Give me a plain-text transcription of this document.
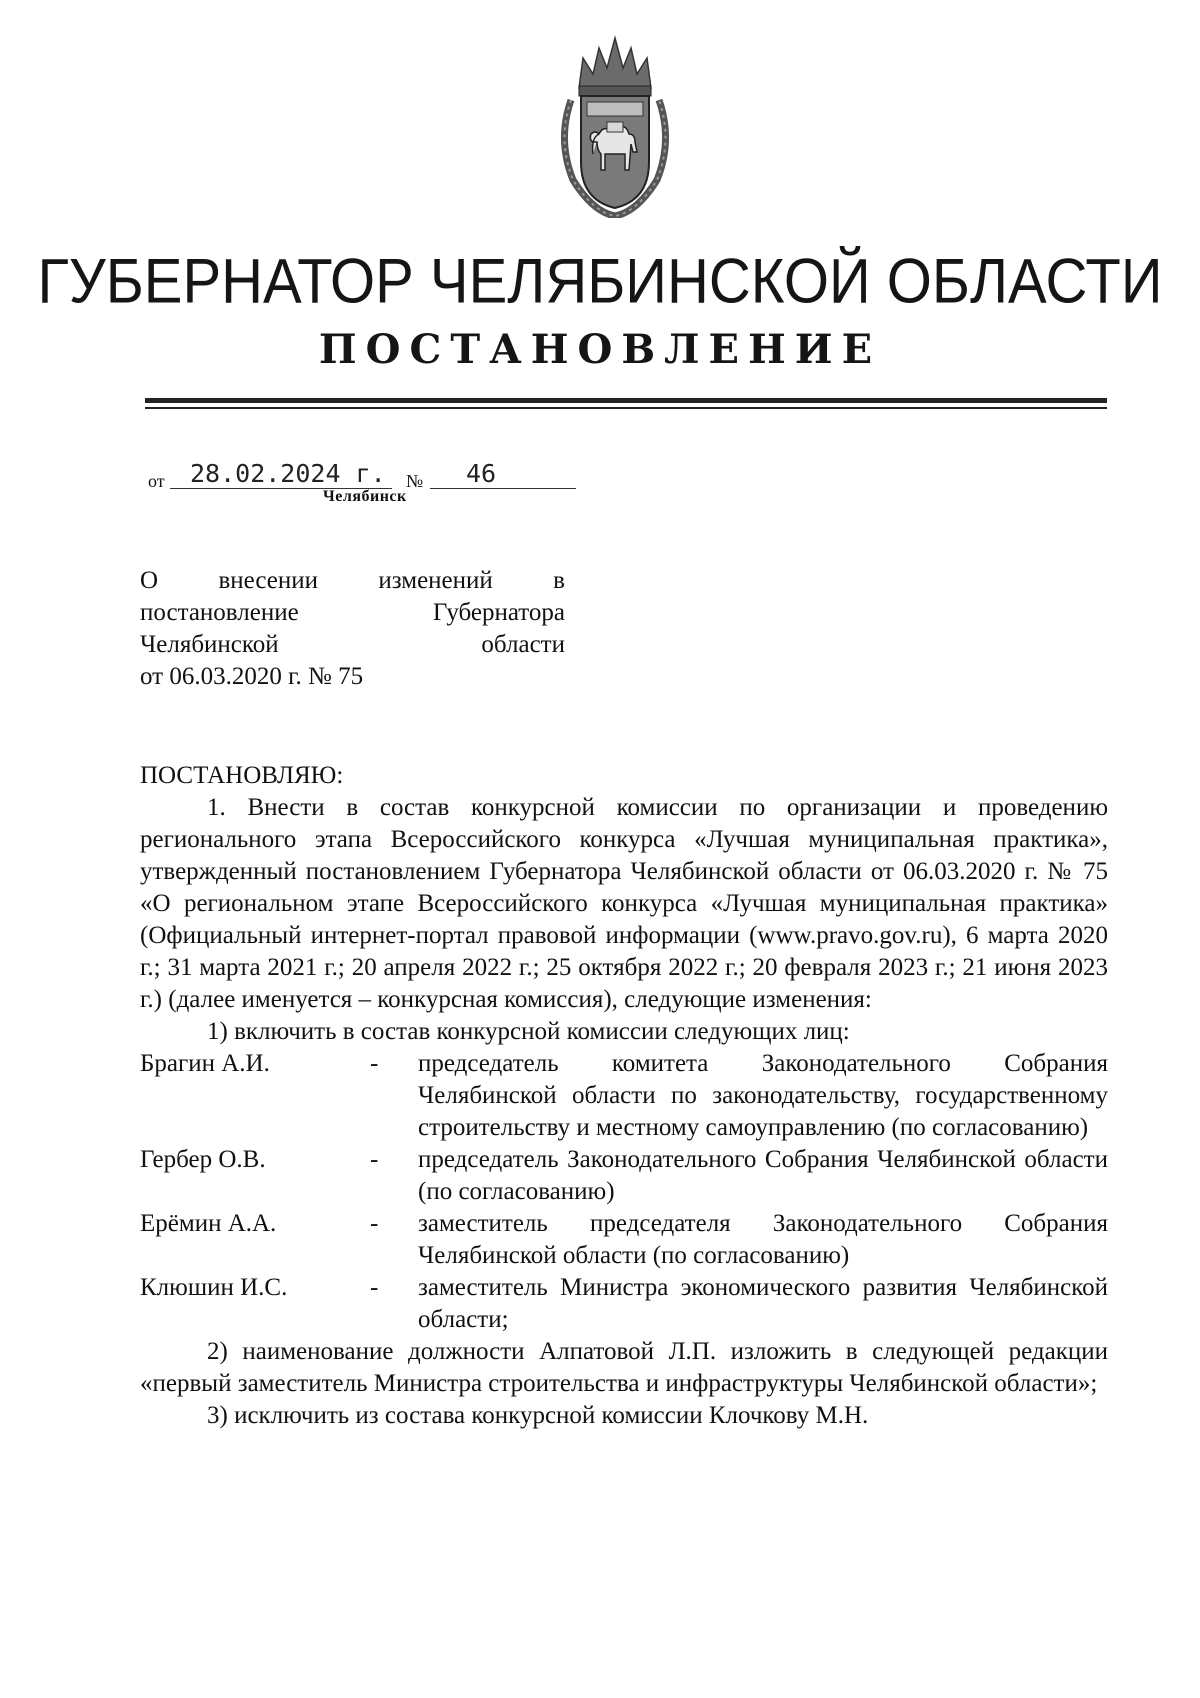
ГУБЕРНАТОР ЧЕЛЯБИНСКОЙ ОБЛАСТИ
ПОСТАНОВЛЕНИЕ
от 28.02.2024 г. № 46
Челябинск
О внесении изменений в
постановление	Губернатора
Челябинской	области
от 06.03.2020 г. № 75
ПОСТАНОВЛЯЮ:
1. Внести в состав конкурсной комиссии по организации и проведению регионального этапа Всероссийского конкурса «Лучшая муниципальная практика», утвержденный постановлением Губернатора Челябинской области от 06.03.2020 г. № 75 «О региональном этапе Всероссийского конкурса «Лучшая муниципальная практика» (Официальный интернет-портал правовой информации (www.pravo.gov.ru), 6 марта 2020 г.; 31 марта 2021 г.; 20 апреля 2022 г.; 25 октября 2022 г.; 20 февраля 2023 г.; 21 июня 2023 г.) (далее именуется – конкурсная комиссия), следующие изменения:
1) включить в состав конкурсной комиссии следующих лиц:
Брагин А.И.	-	председатель комитета Законодательного Собрания Челябинской области по законодательству, государственному строительству и местному самоуправлению (по согласованию)
Гербер О.В.	-	председатель Законодательного Собрания Челябинской области (по согласованию)
Ерёмин А.А.	-	заместитель председателя Законодательного Собрания Челябинской области (по согласованию)
Клюшин И.С.	-	заместитель Министра экономического развития Челябинской области;
2) наименование должности Алпатовой Л.П. изложить в следующей редакции «первый заместитель Министра строительства и инфраструктуры Челябинской области»;
3) исключить из состава конкурсной комиссии Клочкову М.Н.
